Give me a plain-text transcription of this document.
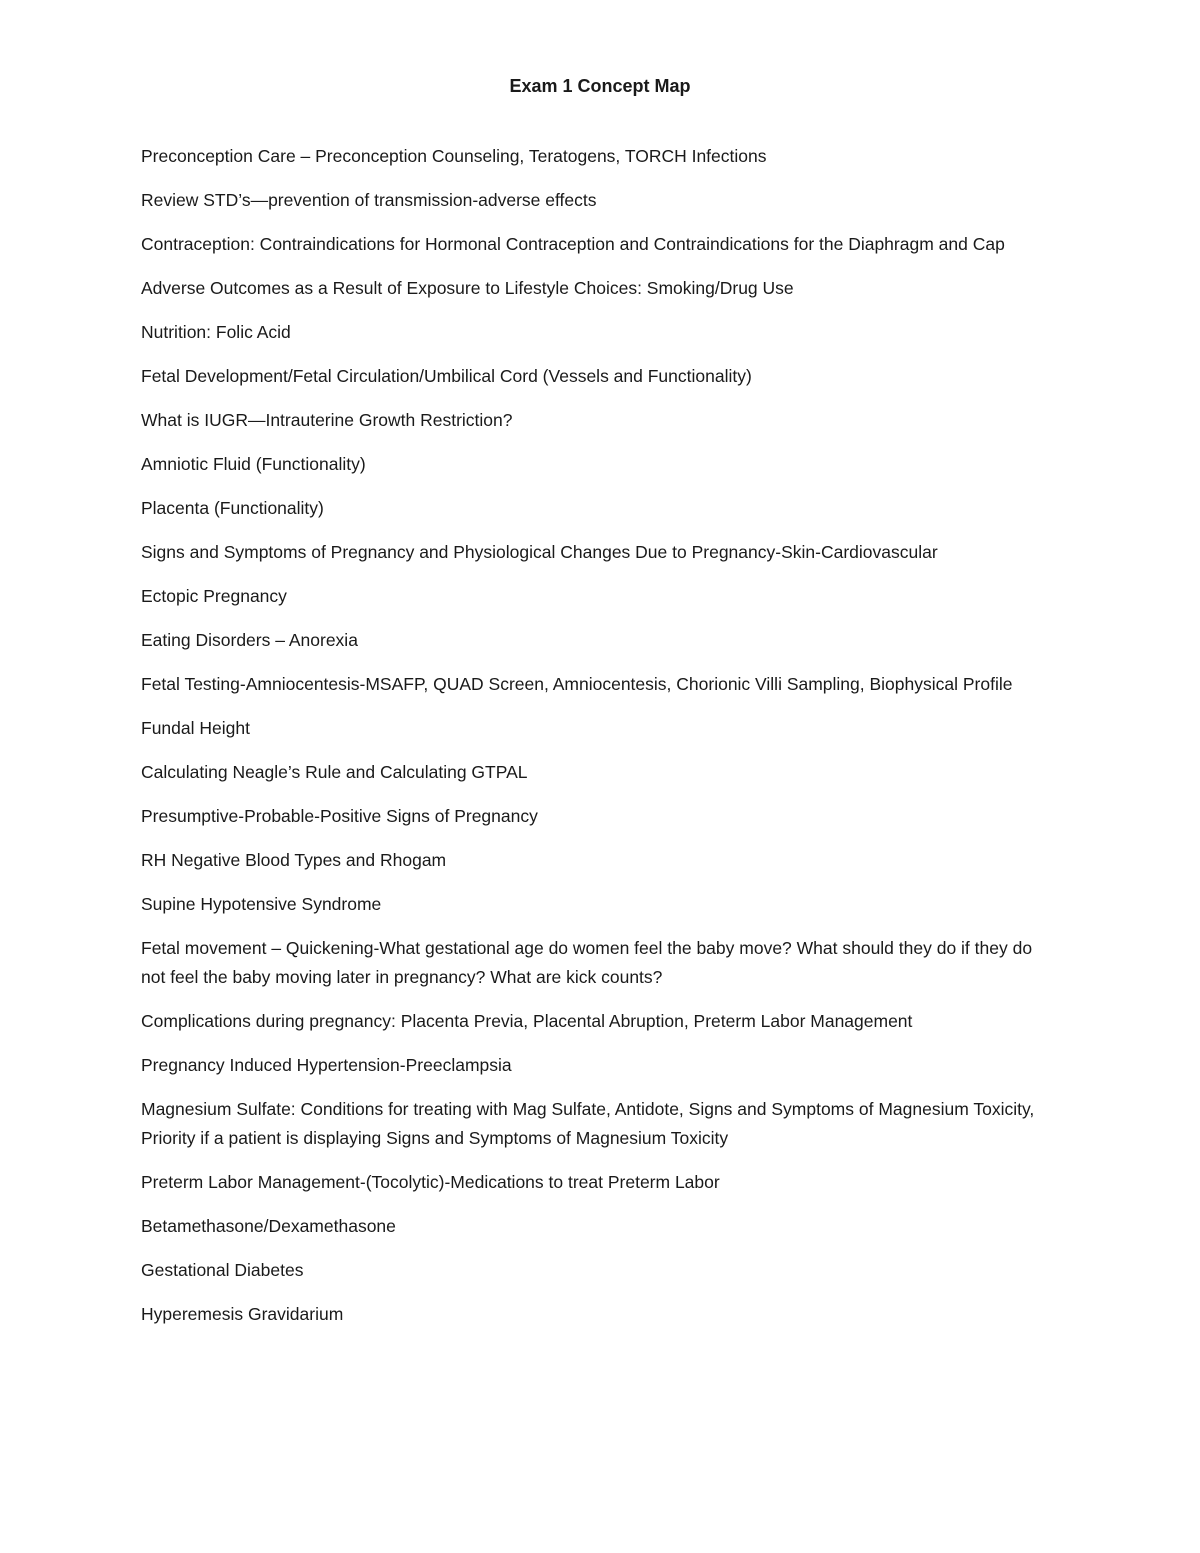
Exam 1 Concept Map
Preconception Care – Preconception Counseling, Teratogens, TORCH Infections
Review STD’s—prevention of transmission-adverse effects
Contraception: Contraindications for Hormonal Contraception and Contraindications for the Diaphragm and Cap
Adverse Outcomes as a Result of Exposure to Lifestyle Choices: Smoking/Drug Use
Nutrition: Folic Acid
Fetal Development/Fetal Circulation/Umbilical Cord (Vessels and Functionality)
What is IUGR—Intrauterine Growth Restriction?
Amniotic Fluid (Functionality)
Placenta (Functionality)
Signs and Symptoms of Pregnancy and Physiological Changes Due to Pregnancy-Skin-Cardiovascular
Ectopic Pregnancy
Eating Disorders – Anorexia
Fetal Testing-Amniocentesis-MSAFP, QUAD Screen, Amniocentesis, Chorionic Villi Sampling, Biophysical Profile
Fundal Height
Calculating Neagle’s Rule and Calculating GTPAL
Presumptive-Probable-Positive Signs of Pregnancy
RH Negative Blood Types and Rhogam
Supine Hypotensive Syndrome
Fetal movement – Quickening-What gestational age do women feel the baby move? What should they do if they do not feel the baby moving later in pregnancy? What are kick counts?
Complications during pregnancy: Placenta Previa, Placental Abruption, Preterm Labor Management
Pregnancy Induced Hypertension-Preeclampsia
Magnesium Sulfate: Conditions for treating with Mag Sulfate, Antidote, Signs and Symptoms of Magnesium Toxicity, Priority if a patient is displaying Signs and Symptoms of Magnesium Toxicity
Preterm Labor Management-(Tocolytic)-Medications to treat Preterm Labor
Betamethasone/Dexamethasone
Gestational Diabetes
Hyperemesis Gravidarium
